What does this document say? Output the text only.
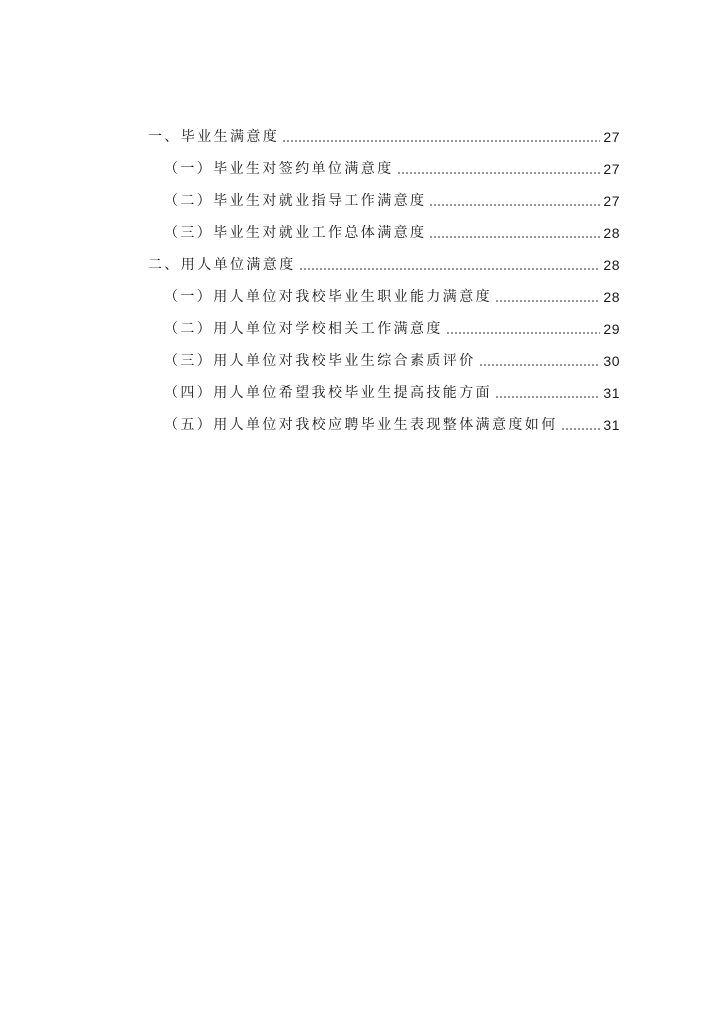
一、毕业生满意度	27
（一）毕业生对签约单位满意度	27
（二）毕业生对就业指导工作满意度	27
（三）毕业生对就业工作总体满意度	28
二、用人单位满意度	28
（一）用人单位对我校毕业生职业能力满意度	28
（二）用人单位对学校相关工作满意度	29
（三）用人单位对我校毕业生综合素质评价	30
（四）用人单位希望我校毕业生提高技能方面	31
（五）用人单位对我校应聘毕业生表现整体满意度如何	31
